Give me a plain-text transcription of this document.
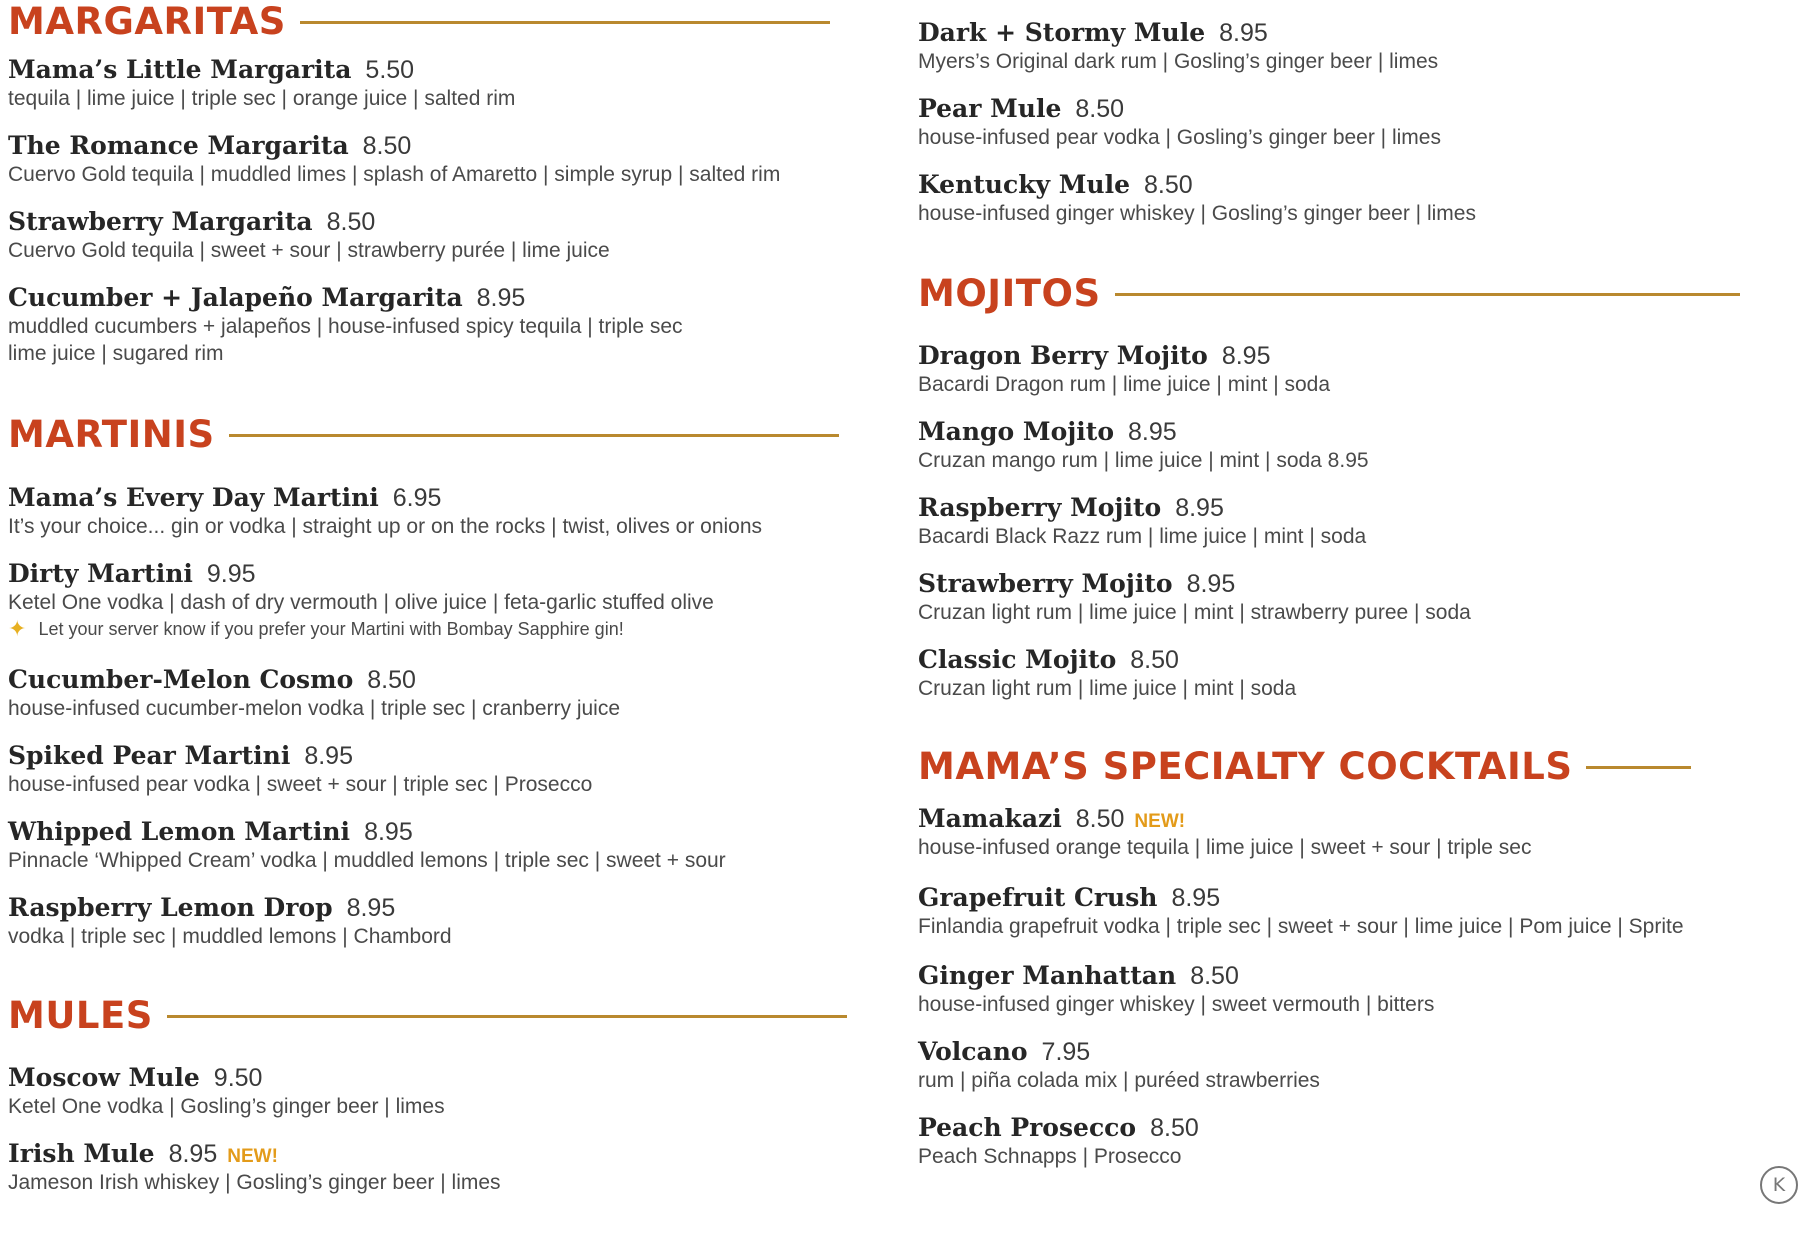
MARGARITAS
Mama’s Little Margarita 5.50
tequila | lime juice | triple sec | orange juice | salted rim
The Romance Margarita 8.50
Cuervo Gold tequila | muddled limes | splash of Amaretto | simple syrup | salted rim
Strawberry Margarita 8.50
Cuervo Gold tequila | sweet + sour | strawberry purée | lime juice
Cucumber + Jalapeño Margarita 8.95
muddled cucumbers + jalapeños | house-infused spicy tequila | triple sec
lime juice | sugared rim
MARTINIS
Mama’s Every Day Martini 6.95
It’s your choice... gin or vodka | straight up or on the rocks | twist, olives or onions
Dirty Martini 9.95
Ketel One vodka | dash of dry vermouth | olive juice | feta-garlic stuffed olive
✦ Let your server know if you prefer your Martini with Bombay Sapphire gin!
Cucumber-Melon Cosmo 8.50
house-infused cucumber-melon vodka | triple sec | cranberry juice
Spiked Pear Martini 8.95
house-infused pear vodka | sweet + sour | triple sec | Prosecco
Whipped Lemon Martini 8.95
Pinnacle ‘Whipped Cream’ vodka | muddled lemons | triple sec | sweet + sour
Raspberry Lemon Drop 8.95
vodka | triple sec | muddled lemons | Chambord
MULES
Moscow Mule 9.50
Ketel One vodka | Gosling’s ginger beer | limes
Irish Mule 8.95 NEW!
Jameson Irish whiskey | Gosling’s ginger beer | limes
Dark + Stormy Mule 8.95
Myers’s Original dark rum | Gosling’s ginger beer | limes
Pear Mule 8.50
house-infused pear vodka | Gosling’s ginger beer | limes
Kentucky Mule 8.50
house-infused ginger whiskey | Gosling’s ginger beer | limes
MOJITOS
Dragon Berry Mojito 8.95
Bacardi Dragon rum | lime juice | mint | soda
Mango Mojito 8.95
Cruzan mango rum | lime juice | mint | soda 8.95
Raspberry Mojito 8.95
Bacardi Black Razz rum | lime juice | mint | soda
Strawberry Mojito 8.95
Cruzan light rum | lime juice | mint | strawberry puree | soda
Classic Mojito 8.50
Cruzan light rum | lime juice | mint | soda
MAMA’S SPECIALTY COCKTAILS
Mamakazi 8.50 NEW!
house-infused orange tequila | lime juice | sweet + sour | triple sec
Grapefruit Crush 8.95
Finlandia grapefruit vodka | triple sec | sweet + sour | lime juice | Pom juice | Sprite
Ginger Manhattan 8.50
house-infused ginger whiskey | sweet vermouth | bitters
Volcano 7.95
rum | piña colada mix | puréed strawberries
Peach Prosecco 8.50
Peach Schnapps | Prosecco
K
